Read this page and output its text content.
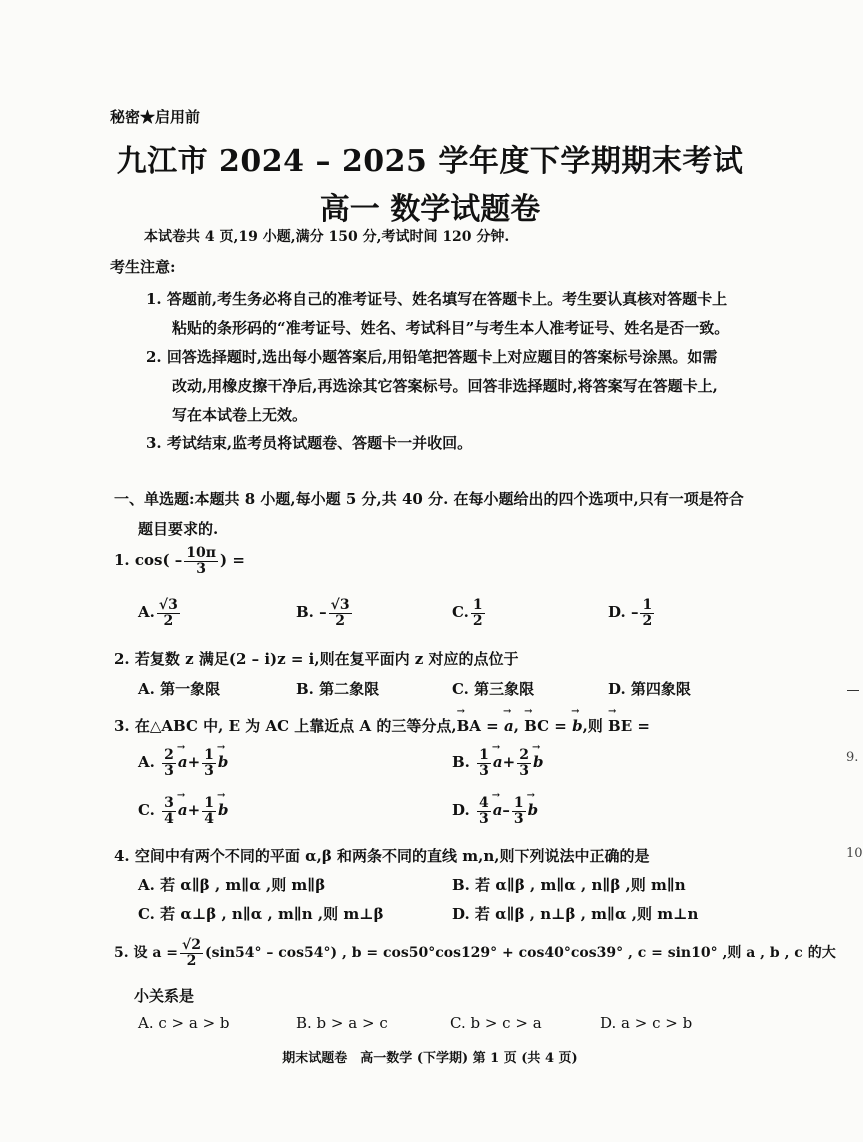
秘密★启用前
九江市 2024 – 2025 学年度下学期期末考试
高一 数学试题卷
本试卷共 4 页,19 小题,满分 150 分,考试时间 120 分钟.
考生注意:
1. 答题前,考生务必将自己的准考证号、姓名填写在答题卡上。考生要认真核对答题卡上
粘贴的条形码的“准考证号、姓名、考试科目”与考生本人准考证号、姓名是否一致。
2. 回答选择题时,选出每小题答案后,用铅笔把答题卡上对应题目的答案标号涂黑。如需
改动,用橡皮擦干净后,再选涂其它答案标号。回答非选择题时,将答案写在答题卡上,
写在本试卷上无效。
3. 考试结束,监考员将试题卷、答题卡一并收回。
一、单选题:本题共 8 小题,每小题 5 分,共 40 分. 在每小题给出的四个选项中,只有一项是符合
题目要求的.
1. $\cos( - \frac{10\pi}{3}$ ) =
A. $\frac{√3}{2}$	B. – $\frac{√3}{2}$	C. $\frac{1}{2}$	D. – $\frac{1}{2}$
2. 若复数 z 满足(2 – i)z = i,则在复平面内 z 对应的点位于
A. 第一象限	B. 第二象限	C. 第三象限	D. 第四象限
3. 在△ABC 中, E 为 AC 上靠近点 A 的三等分点,→ BA = → a, → BC = → b,则 → BE =
A. $\frac{2}{3} \to a+ \frac{1}{3} \to b$	B. $\frac{1}{3} \to a+ \frac{2}{3} \to b$
C. $\frac{3}{4} \to a+ \frac{1}{4} \to b$	D. $\frac{4}{3} \to a- \frac{1}{3} \to b$
4. 空间中有两个不同的平面 α,β 和两条不同的直线 m,n,则下列说法中正确的是
A. 若 α∥β , m∥α ,则 m∥β	B. 若 α∥β , m∥α , n∥β ,则 m∥n
C. 若 α⊥β , n∥α , m∥n ,则 m⊥β	D. 若 α∥β , n⊥β , m∥α ,则 m⊥n
5. 设 $a = \frac{√2}{2} (\sin 54^\circ - \cos 54^\circ)$ , b = cos50°cos129° + cos40°cos39° , c = sin10° ,则 a , b , c 的大
小关系是
A. c > a > b	B. b > a > c	C. b > c > a	D. a > c > b
期末试题卷　高一数学 (下学期) 第 1 页 (共 4 页)
9.
10
